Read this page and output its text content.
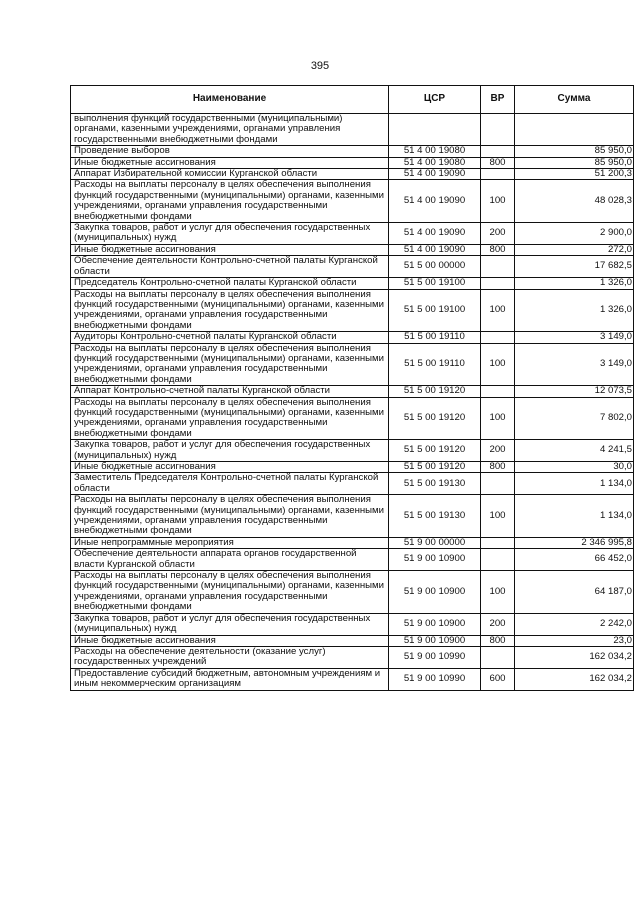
395
Наименование	ЦСР	ВР	Сумма
выполнения функций государственными (муниципальными) органами, казенными учреждениями, органами управления государственными внебюджетными фондами			
Проведение выборов	51 4 00 19080		85 950,0
Иные бюджетные ассигнования	51 4 00 19080	800	85 950,0
Аппарат Избирательной комиссии Курганской области	51 4 00 19090		51 200,3
Расходы на выплаты персоналу в целях обеспечения выполнения функций государственными (муниципальными) органами, казенными учреждениями, органами управления государственными внебюджетными фондами	51 4 00 19090	100	48 028,3
Закупка товаров, работ и услуг для обеспечения государственных (муниципальных) нужд	51 4 00 19090	200	2 900,0
Иные бюджетные ассигнования	51 4 00 19090	800	272,0
Обеспечение деятельности Контрольно-счетной палаты Курганской области	51 5 00 00000		17 682,5
Председатель Контрольно-счетной палаты Курганской области	51 5 00 19100		1 326,0
Расходы на выплаты персоналу в целях обеспечения выполнения функций государственными (муниципальными) органами, казенными учреждениями, органами управления государственными внебюджетными фондами	51 5 00 19100	100	1 326,0
Аудиторы Контрольно-счетной палаты Курганской области	51 5 00 19110		3 149,0
Расходы на выплаты персоналу в целях обеспечения выполнения функций государственными (муниципальными) органами, казенными учреждениями, органами управления государственными внебюджетными фондами	51 5 00 19110	100	3 149,0
Аппарат Контрольно-счетной палаты Курганской области	51 5 00 19120		12 073,5
Расходы на выплаты персоналу в целях обеспечения выполнения функций государственными (муниципальными) органами, казенными учреждениями, органами управления государственными внебюджетными фондами	51 5 00 19120	100	7 802,0
Закупка товаров, работ и услуг для обеспечения государственных (муниципальных) нужд	51 5 00 19120	200	4 241,5
Иные бюджетные ассигнования	51 5 00 19120	800	30,0
Заместитель Председателя Контрольно-счетной палаты Курганской области	51 5 00 19130		1 134,0
Расходы на выплаты персоналу в целях обеспечения выполнения функций государственными (муниципальными) органами, казенными учреждениями, органами управления государственными внебюджетными фондами	51 5 00 19130	100	1 134,0
Иные непрограммные мероприятия	51 9 00 00000		2 346 995,8
Обеспечение деятельности аппарата органов государственной власти Курганской области	51 9 00 10900		66 452,0
Расходы на выплаты персоналу в целях обеспечения выполнения функций государственными (муниципальными) органами, казенными учреждениями, органами управления государственными внебюджетными фондами	51 9 00 10900	100	64 187,0
Закупка товаров, работ и услуг для обеспечения государственных (муниципальных) нужд	51 9 00 10900	200	2 242,0
Иные бюджетные ассигнования	51 9 00 10900	800	23,0
Расходы на обеспечение деятельности (оказание услуг) государственных учреждений	51 9 00 10990		162 034,2
Предоставление субсидий бюджетным, автономным учреждениям и иным некоммерческим организациям	51 9 00 10990	600	162 034,2
